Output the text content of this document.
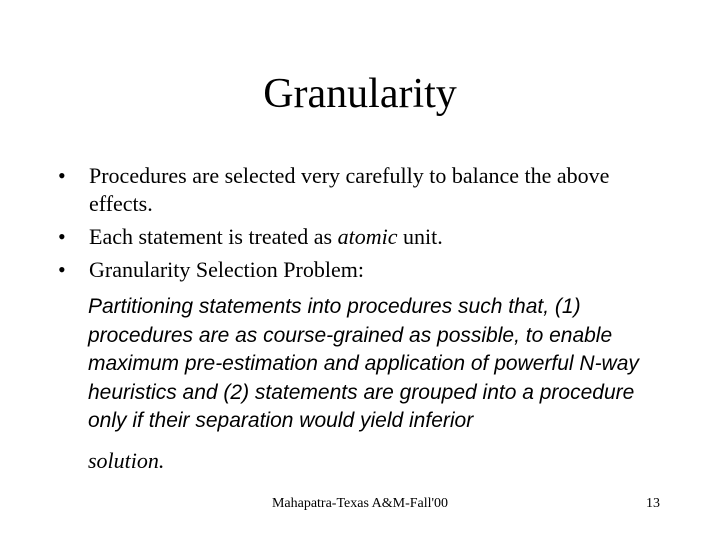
Granularity
• Procedures are selected very carefully to balance the above effects.
• Each statement is treated as atomic unit.
• Granularity Selection Problem:
Partitioning statements into procedures such that, (1) procedures are as course-grained as possible, to enable maximum pre-estimation and application of powerful N-way heuristics and (2) statements are grouped into a procedure only if their separation would yield inferior
solution.
Mahapatra-Texas A&M-Fall'00	13
